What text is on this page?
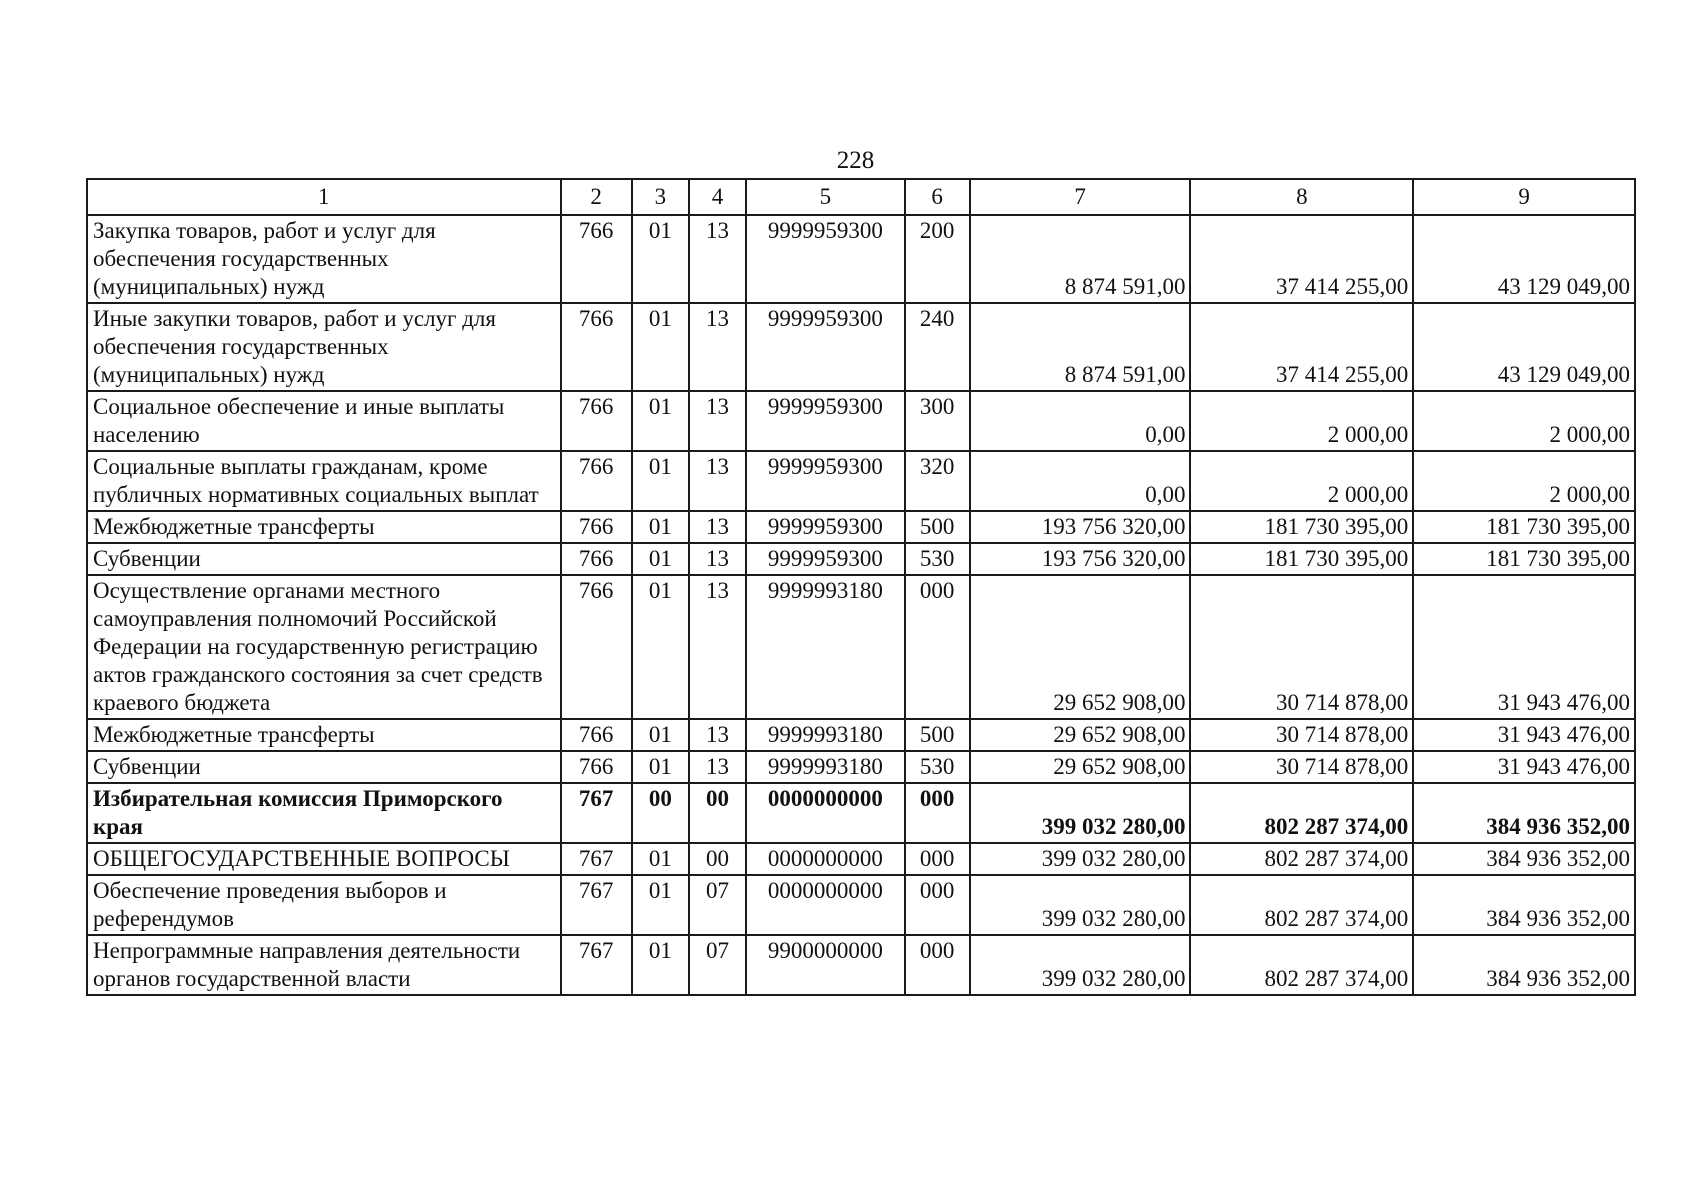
228
1	2	3	4	5	6	7	8	9
Закупка товаров, работ и услуг для обеспечения государственных (муниципальных) нужд	766	01	13	9999959300	200	8 874 591,00	37 414 255,00	43 129 049,00
Иные закупки товаров, работ и услуг для обеспечения государственных (муниципальных) нужд	766	01	13	9999959300	240	8 874 591,00	37 414 255,00	43 129 049,00
Социальное обеспечение и иные выплаты населению	766	01	13	9999959300	300	0,00	2 000,00	2 000,00
Социальные выплаты гражданам, кроме публичных нормативных социальных выплат	766	01	13	9999959300	320	0,00	2 000,00	2 000,00
Межбюджетные трансферты	766	01	13	9999959300	500	193 756 320,00	181 730 395,00	181 730 395,00
Субвенции	766	01	13	9999959300	530	193 756 320,00	181 730 395,00	181 730 395,00
Осуществление органами местного самоуправления полномочий Российской Федерации на государственную регистрацию актов гражданского состояния за счет средств краевого бюджета	766	01	13	9999993180	000	29 652 908,00	30 714 878,00	31 943 476,00
Межбюджетные трансферты	766	01	13	9999993180	500	29 652 908,00	30 714 878,00	31 943 476,00
Субвенции	766	01	13	9999993180	530	29 652 908,00	30 714 878,00	31 943 476,00
Избирательная комиссия Приморского края	767	00	00	0000000000	000	399 032 280,00	802 287 374,00	384 936 352,00
ОБЩЕГОСУДАРСТВЕННЫЕ ВОПРОСЫ	767	01	00	0000000000	000	399 032 280,00	802 287 374,00	384 936 352,00
Обеспечение проведения выборов и референдумов	767	01	07	0000000000	000	399 032 280,00	802 287 374,00	384 936 352,00
Непрограммные направления деятельности органов государственной власти	767	01	07	9900000000	000	399 032 280,00	802 287 374,00	384 936 352,00
